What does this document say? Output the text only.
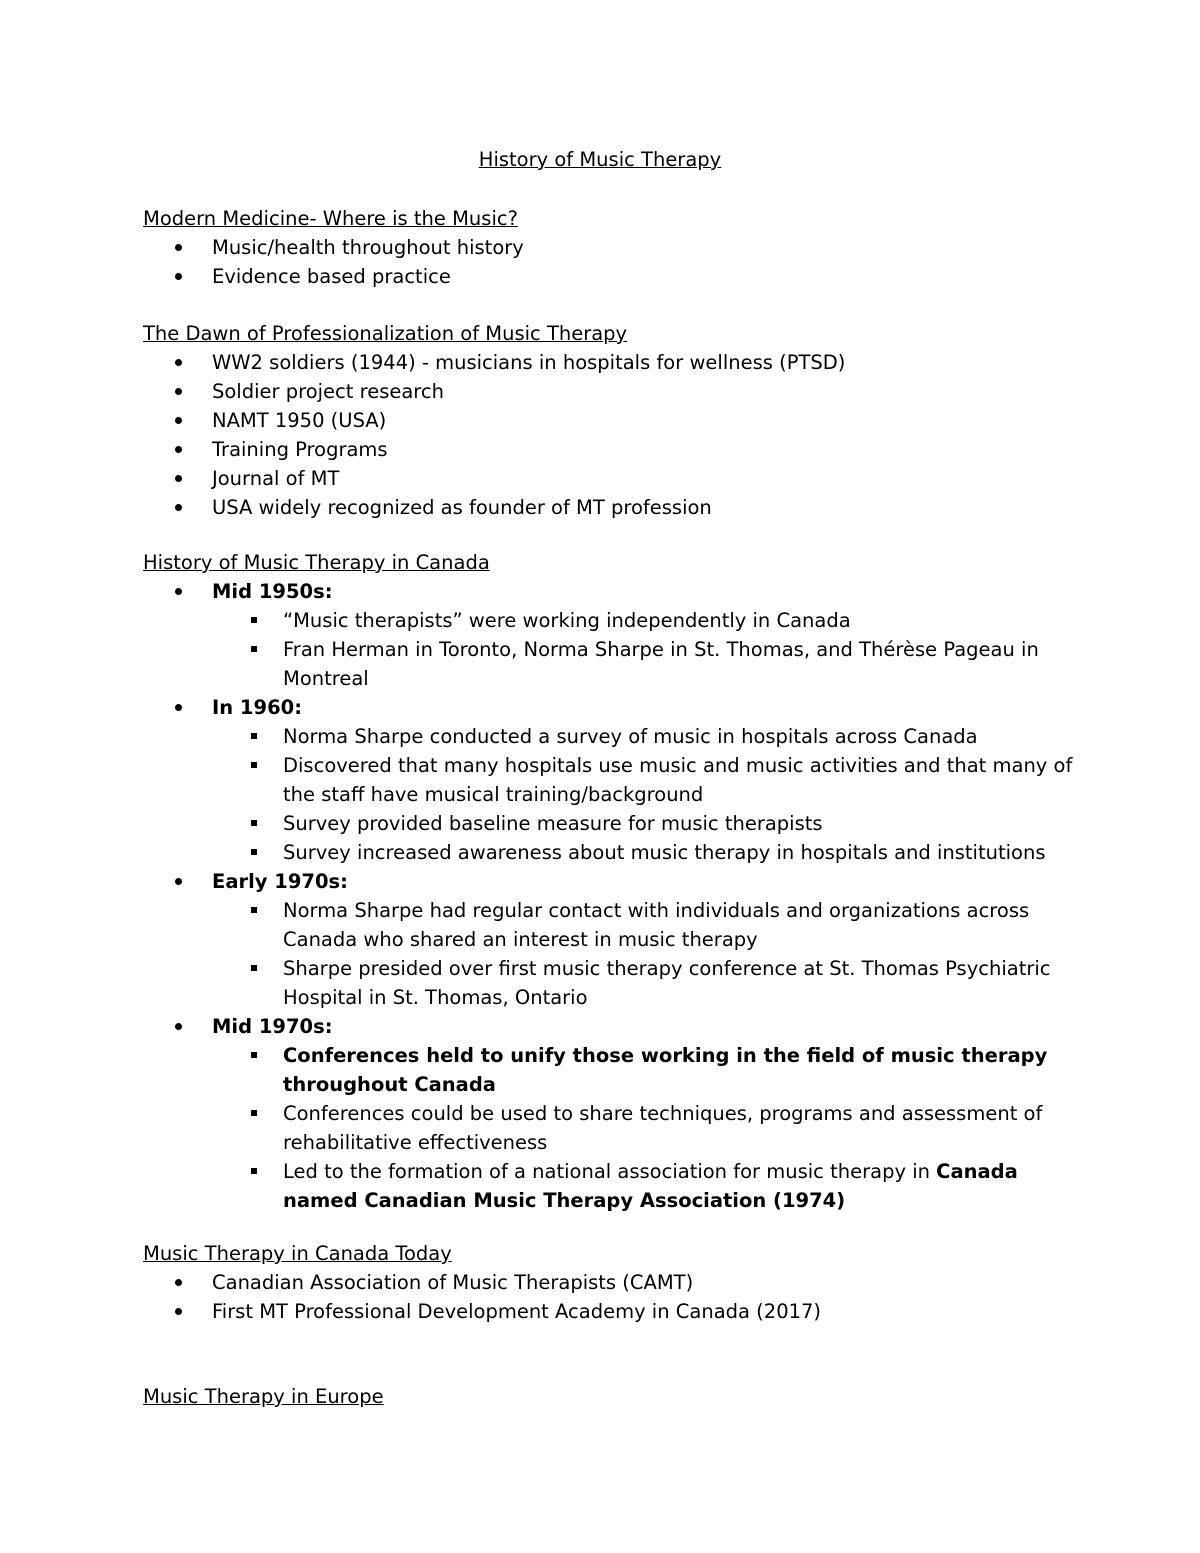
History of Music Therapy
Modern Medicine- Where is the Music?
Music/health throughout history
Evidence based practice
The Dawn of Professionalization of Music Therapy
WW2 soldiers (1944) - musicians in hospitals for wellness (PTSD)
Soldier project research
NAMT 1950 (USA)
Training Programs
Journal of MT
USA widely recognized as founder of MT profession
History of Music Therapy in Canada
Mid 1950s:
“Music therapists” were working independently in Canada
Fran Herman in Toronto, Norma Sharpe in St. Thomas, and Thérèse Pageau in Montreal
In 1960:
Norma Sharpe conducted a survey of music in hospitals across Canada
Discovered that many hospitals use music and music activities and that many of the staff have musical training/background
Survey provided baseline measure for music therapists
Survey increased awareness about music therapy in hospitals and institutions
Early 1970s:
Norma Sharpe had regular contact with individuals and organizations across Canada who shared an interest in music therapy
Sharpe presided over first music therapy conference at St. Thomas Psychiatric Hospital in St. Thomas, Ontario
Mid 1970s:
Conferences held to unify those working in the field of music therapy throughout Canada
Conferences could be used to share techniques, programs and assessment of rehabilitative effectiveness
Led to the formation of a national association for music therapy in Canada named Canadian Music Therapy Association (1974)
Music Therapy in Canada Today
Canadian Association of Music Therapists (CAMT)
First MT Professional Development Academy in Canada (2017)
Music Therapy in Europe
